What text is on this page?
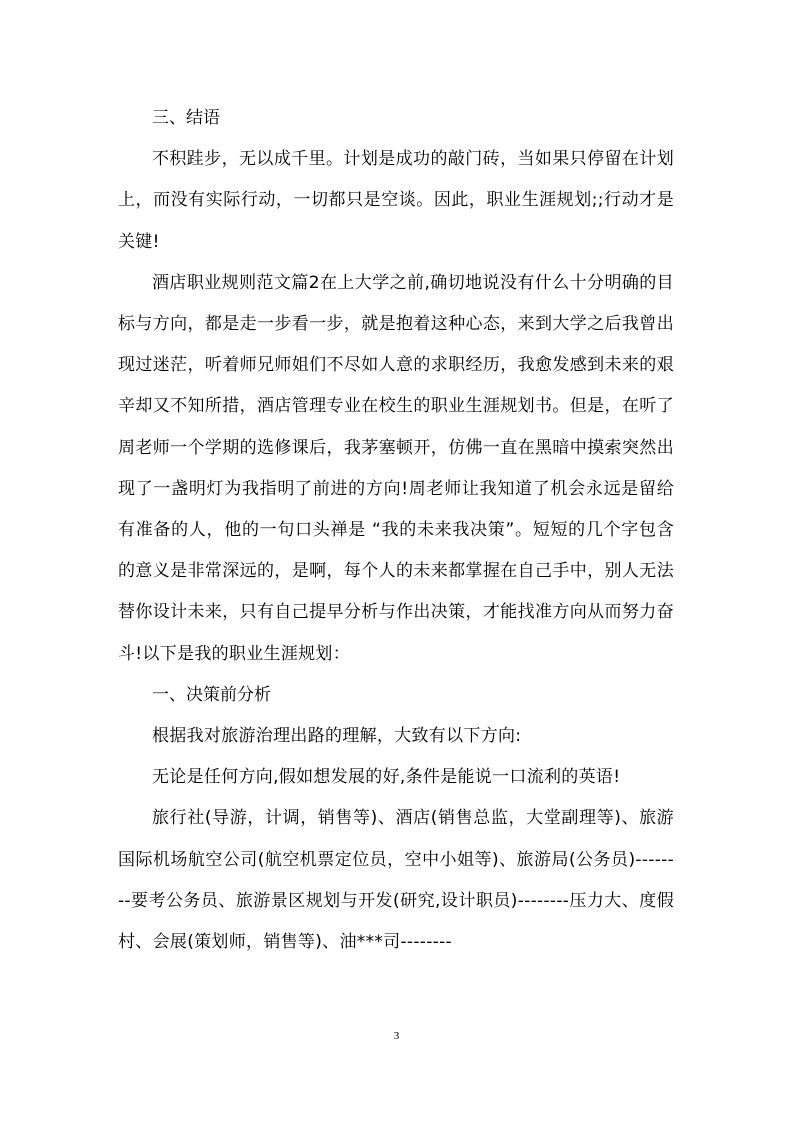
三、结语

不积跬步，无以成千里。计划是成功的敲门砖，当如果只停留在计划上，而没有实际行动，一切都只是空谈。因此，职业生涯规划;;行动才是关键!

酒店职业规则范文篇2在上大学之前,确切地说没有什么十分明确的目标与方向，都是走一步看一步，就是抱着这种心态，来到大学之后我曾出现过迷茫，听着师兄师姐们不尽如人意的求职经历，我愈发感到未来的艰辛却又不知所措，酒店管理专业在校生的职业生涯规划书。但是，在听了周老师一个学期的选修课后，我茅塞顿开，仿佛一直在黑暗中摸索突然出现了一盏明灯为我指明了前进的方向!周老师让我知道了机会永远是留给有准备的人，他的一句口头禅是 “我的未来我决策”。短短的几个字包含的意义是非常深远的，是啊，每个人的未来都掌握在自己手中，别人无法替你设计未来，只有自己提早分析与作出决策，才能找准方向从而努力奋斗!以下是我的职业生涯规划：

一、决策前分析

根据我对旅游治理出路的理解，大致有以下方向:

无论是任何方向,假如想发展的好,条件是能说一口流利的英语!

旅行社(导游，计调，销售等)、酒店(销售总监，大堂副理等)、旅游国际机场航空公司(航空机票定位员，空中小姐等)、旅游局(公务员)--------要考公务员、旅游景区规划与开发(研究,设计职员)--------压力大、度假村、会展(策划师，销售等)、油***司--------

3
